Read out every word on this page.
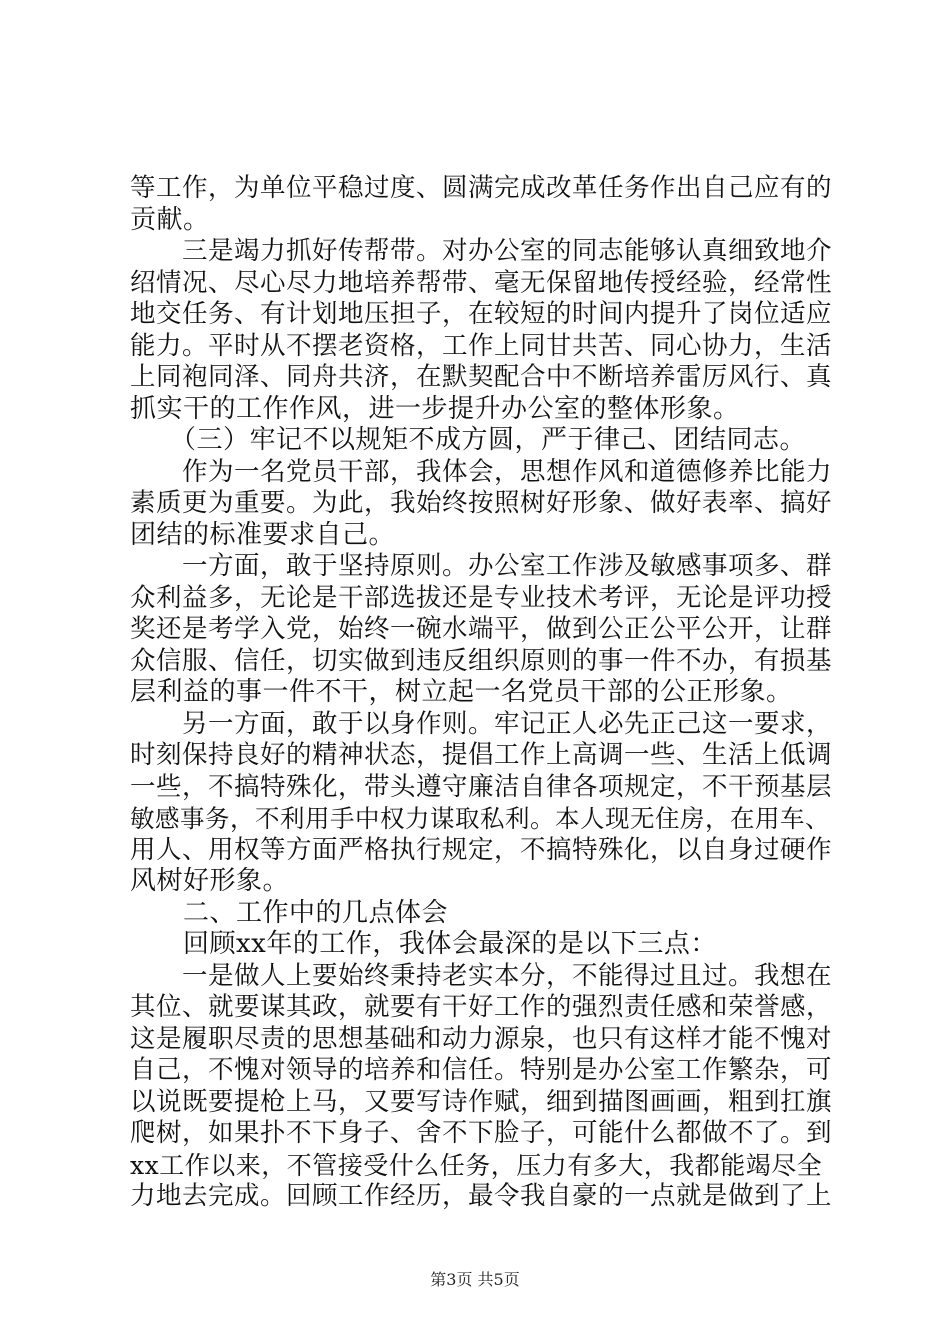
等工作，为单位平稳过度、圆满完成改革任务作出自己应有的
贡献。
　　三是竭力抓好传帮带。对办公室的同志能够认真细致地介
绍情况、尽心尽力地培养帮带、毫无保留地传授经验，经常性
地交任务、有计划地压担子，在较短的时间内提升了岗位适应
能力。平时从不摆老资格，工作上同甘共苦、同心协力，生活
上同袍同泽、同舟共济，在默契配合中不断培养雷厉风行、真
抓实干的工作作风，进一步提升办公室的整体形象。
　　（三）牢记不以规矩不成方圆，严于律己、团结同志。
　　作为一名党员干部，我体会，思想作风和道德修养比能力
素质更为重要。为此，我始终按照树好形象、做好表率、搞好
团结的标准要求自己。
　　一方面，敢于坚持原则。办公室工作涉及敏感事项多、群
众利益多，无论是干部选拔还是专业技术考评，无论是评功授
奖还是考学入党，始终一碗水端平，做到公正公平公开，让群
众信服、信任，切实做到违反组织原则的事一件不办，有损基
层利益的事一件不干，树立起一名党员干部的公正形象。
　　另一方面，敢于以身作则。牢记正人必先正己这一要求，
时刻保持良好的精神状态，提倡工作上高调一些、生活上低调
一些，不搞特殊化，带头遵守廉洁自律各项规定，不干预基层
敏感事务，不利用手中权力谋取私利。本人现无住房，在用车、
用人、用权等方面严格执行规定，不搞特殊化，以自身过硬作
风树好形象。
　　二、工作中的几点体会
　　回顾xx年的工作，我体会最深的是以下三点：
　　一是做人上要始终秉持老实本分，不能得过且过。我想在
其位、就要谋其政，就要有干好工作的强烈责任感和荣誉感，
这是履职尽责的思想基础和动力源泉，也只有这样才能不愧对
自己，不愧对领导的培养和信任。特别是办公室工作繁杂，可
以说既要提枪上马，又要写诗作赋，细到描图画画，粗到扛旗
爬树，如果扑不下身子、舍不下脸子，可能什么都做不了。到
xx工作以来，不管接受什么任务，压力有多大，我都能竭尽全
力地去完成。回顾工作经历，最令我自豪的一点就是做到了上
第3页 共5页
